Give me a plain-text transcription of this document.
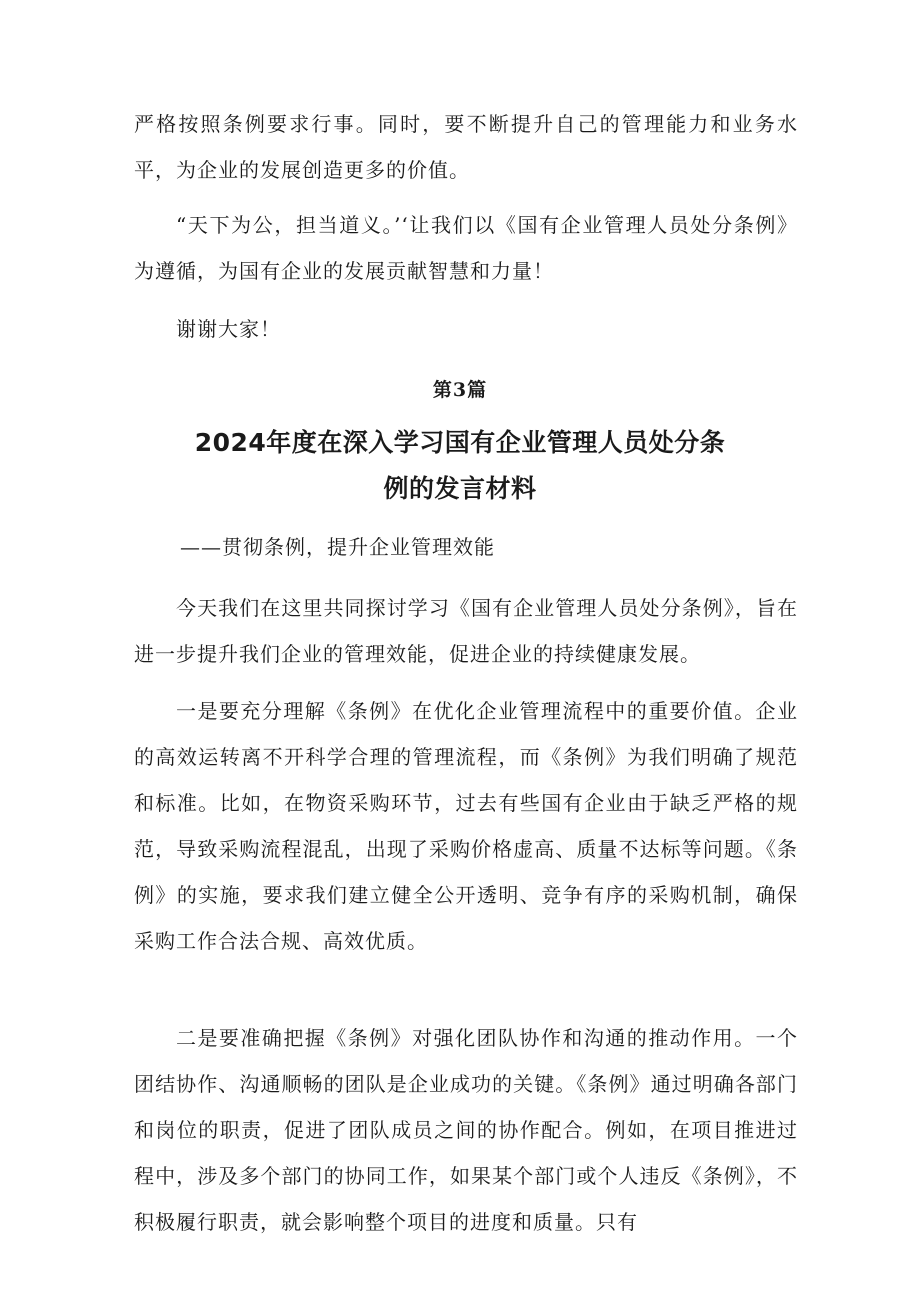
严格按照条例要求行事。同时，要不断提升自己的管理能力和业务水平，为企业的发展创造更多的价值。
“天下为公，担当道义。’‘让我们以《国有企业管理人员处分条例》为遵循，为国有企业的发展贡献智慧和力量！
谢谢大家！
第3篇
2024年度在深入学习国有企业管理人员处分条
例的发言材料
——贯彻条例，提升企业管理效能
今天我们在这里共同探讨学习《国有企业管理人员处分条例》，旨在进一步提升我们企业的管理效能，促进企业的持续健康发展。
一是要充分理解《条例》在优化企业管理流程中的重要价值。企业的高效运转离不开科学合理的管理流程，而《条例》为我们明确了规范和标准。比如，在物资采购环节，过去有些国有企业由于缺乏严格的规范，导致采购流程混乱，出现了采购价格虚高、质量不达标等问题。《条例》的实施，要求我们建立健全公开透明、竞争有序的采购机制，确保采购工作合法合规、高效优质。
二是要准确把握《条例》对强化团队协作和沟通的推动作用。一个团结协作、沟通顺畅的团队是企业成功的关键。《条例》通过明确各部门和岗位的职责，促进了团队成员之间的协作配合。例如，在项目推进过程中，涉及多个部门的协同工作，如果某个部门或个人违反《条例》，不积极履行职责，就会影响整个项目的进度和质量。只有
